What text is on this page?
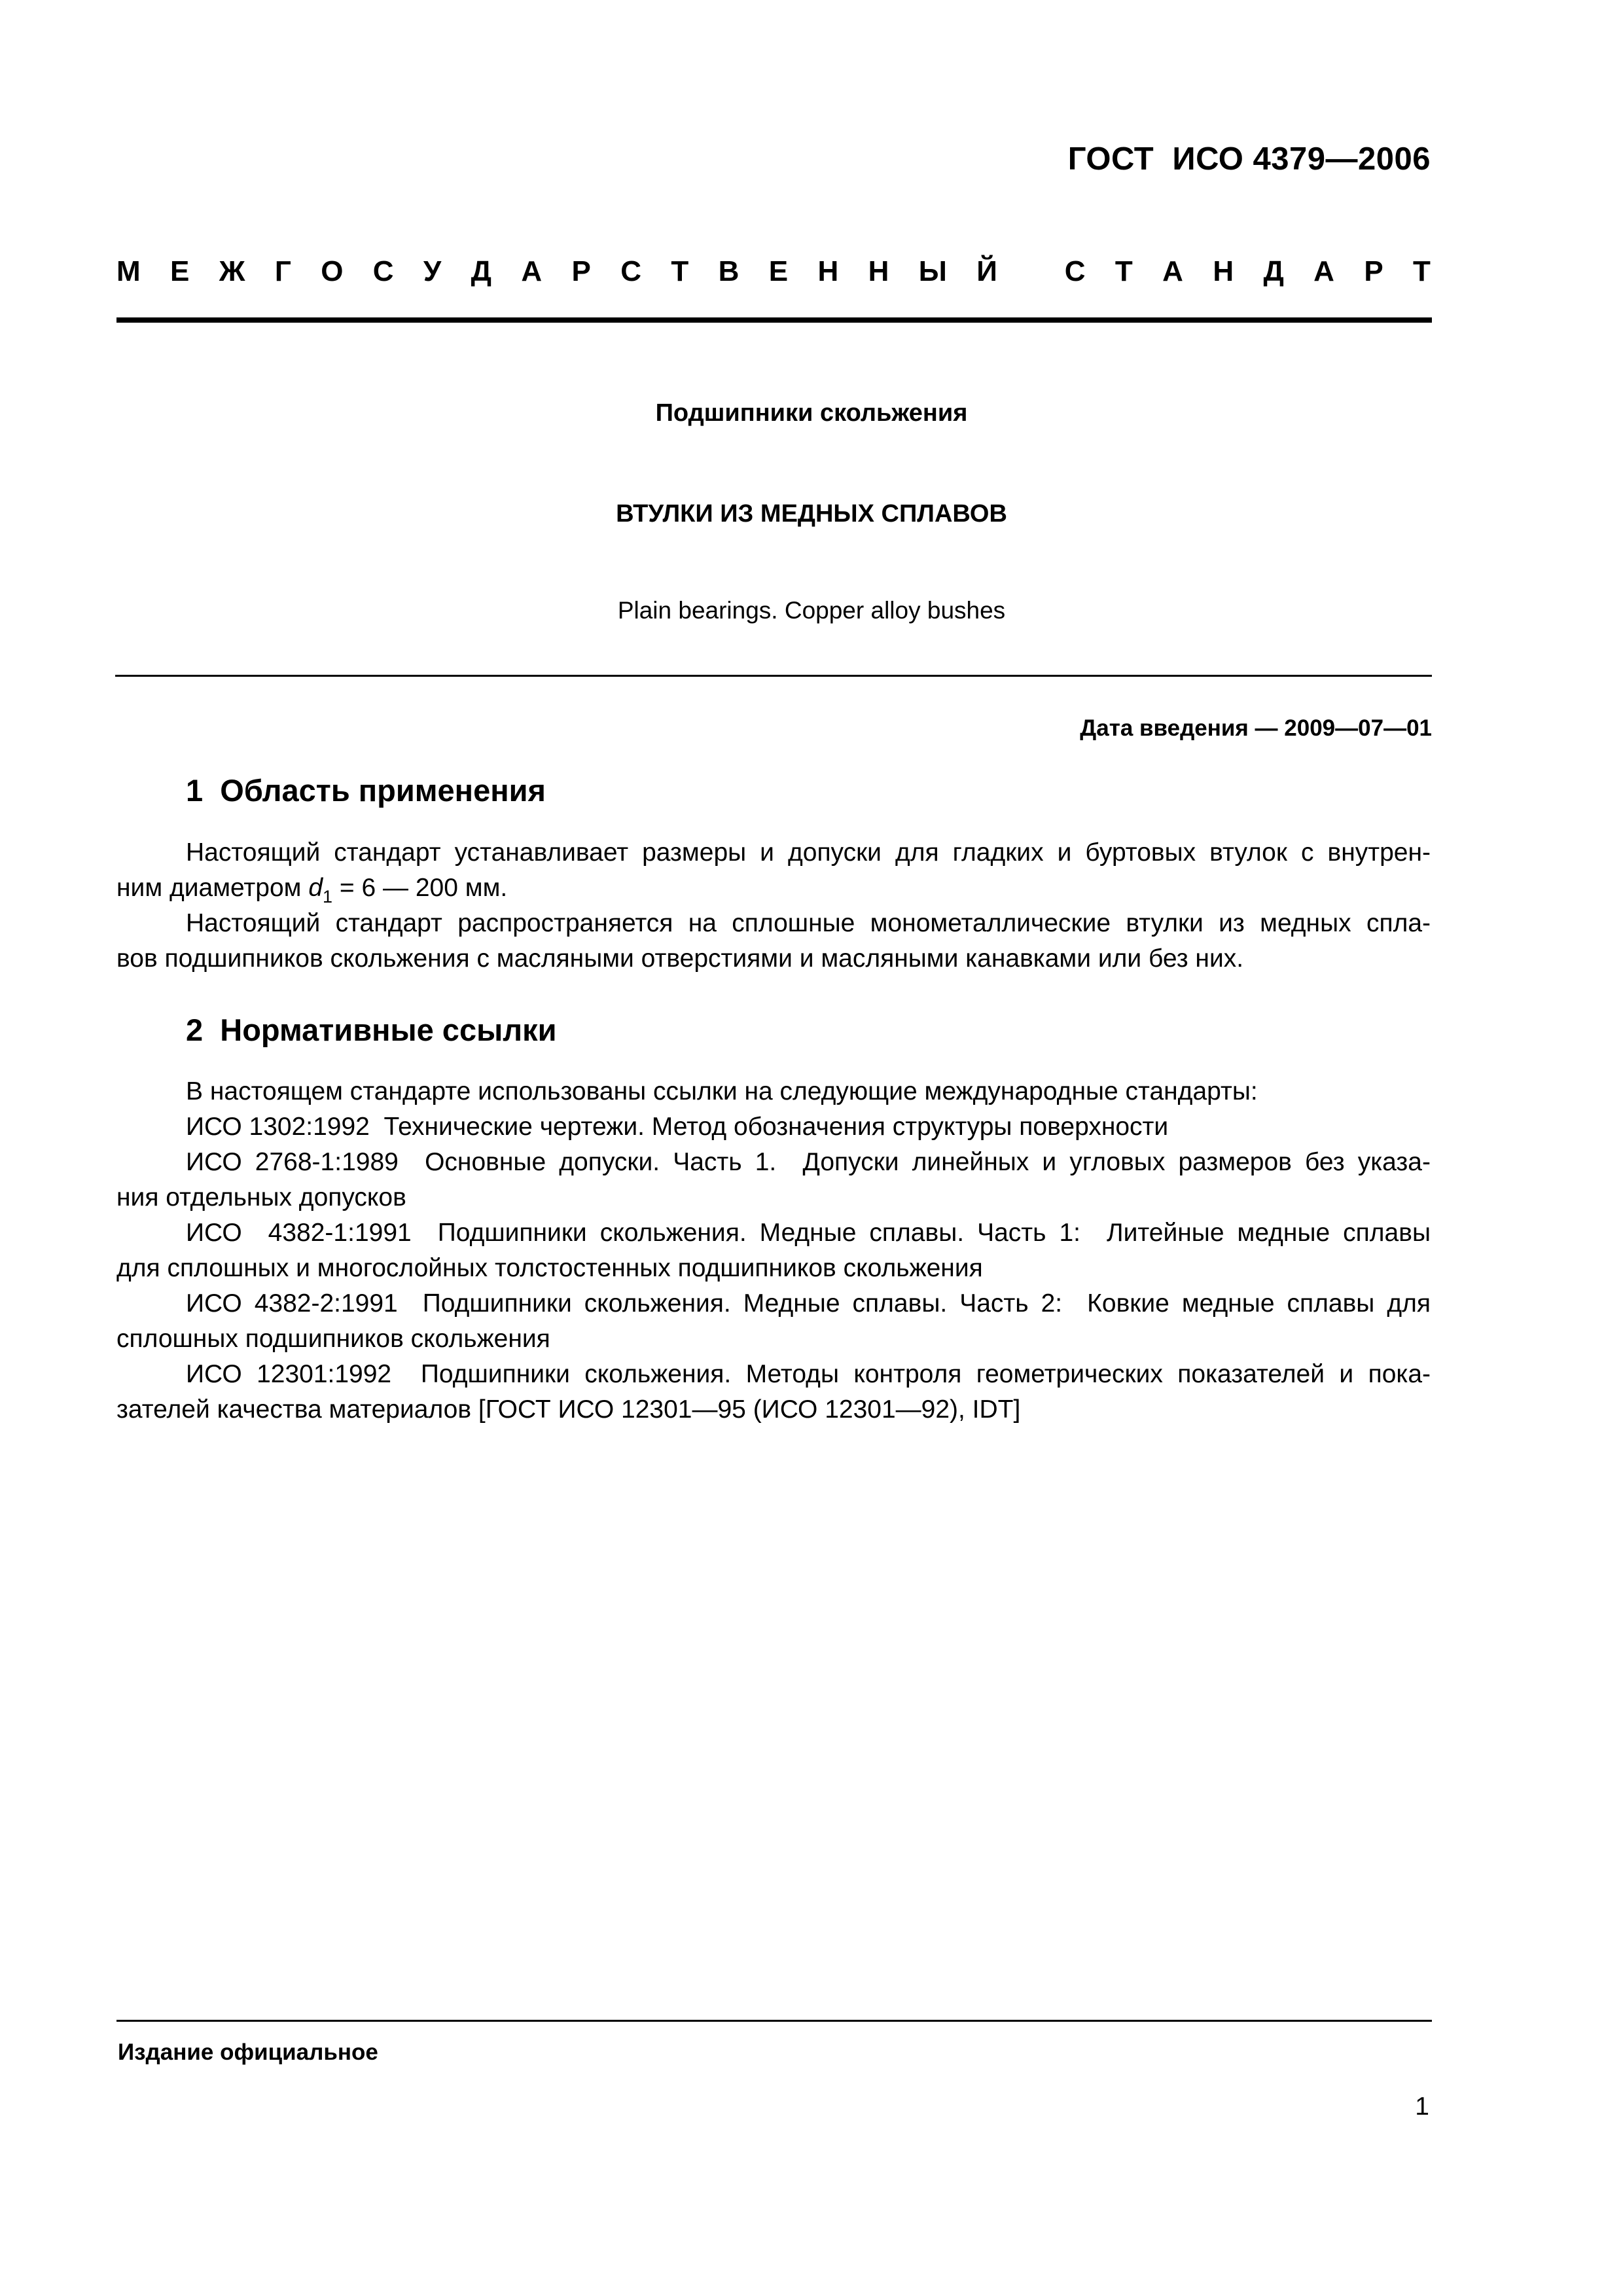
ГОСТ  ИСО 4379—2006
М Е Ж Г О С У Д А Р С Т В Е Н Н Ы Й
С Т А Н Д А Р Т
Подшипники скольжения
ВТУЛКИ ИЗ МЕДНЫХ СПЛАВОВ
Plain bearings. Copper alloy bushes
Дата введения — 2009—07—01
1  Область применения
Настоящий стандарт устанавливает размеры и допуски для гладких и буртовых втулок с внутрен-
ним диаметром $d_1 = 6$ — 200 мм.
Настоящий стандарт распространяется на сплошные монометаллические втулки из медных спла-
вов подшипников скольжения с масляными отверстиями и масляными канавками или без них.
2  Нормативные ссылки
В настоящем стандарте использованы ссылки на следующие международные стандарты:
ИСО 1302:1992  Технические чертежи. Метод обозначения структуры поверхности
ИСО 2768-1:1989  Основные допуски. Часть 1.  Допуски линейных и угловых размеров без указа-
ния отдельных допусков
ИСО  4382-1:1991  Подшипники скольжения. Медные сплавы. Часть 1:  Литейные медные сплавы
для сплошных и многослойных толстостенных подшипников скольжения
ИСО 4382-2:1991  Подшипники скольжения. Медные сплавы. Часть 2:  Ковкие медные сплавы для
сплошных подшипников скольжения
ИСО 12301:1992  Подшипники скольжения. Методы контроля геометрических показателей и пока-
зателей качества материалов [ГОСТ ИСО 12301—95 (ИСО 12301—92), IDT]
Издание официальное
1
